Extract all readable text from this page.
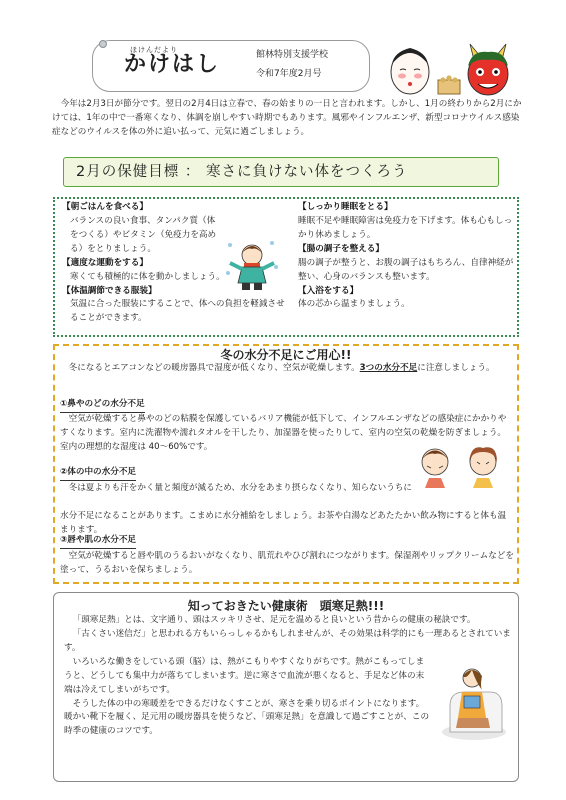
ほけんだより
かけはし	館林特別支援学校
令和7年度2月号
今年は2月3日が節分です。翌日の2月4日は立春で、春の始まりの一日と言われます。しかし、1月の終わりから2月にかけては、1年の中で一番寒くなり、体調を崩しやすい時期でもあります。風邪やインフルエンザ、新型コロナウイルス感染症などのウイルスを体の外に追い払って、元気に過ごしましょう。
2月の保健目標 ： 寒さに負けない体をつくろう
【朝ごはんを食べる】
バランスの良い食事、タンパク質（体をつくる）やビタミン（免疫力を高める）をとりましょう。
【適度な運動をする】
寒くても積極的に体を動かしましょう。
【体温調節できる服装】
気温に合った服装にすることで、体への負担を軽減させることができます。
【しっかり睡眠をとる】
睡眠不足や睡眠障害は免疫力を下げます。体も心もしっかり休めましょう。
【腸の調子を整える】
腸の調子が整うと、お腹の調子はもちろん、自律神経が整い、心身のバランスも整います。
【入浴をする】
体の芯から温まりましょう。
冬の水分不足にご用心!!
冬になるとエアコンなどの暖房器具で湿度が低くなり、空気が乾燥します。3つの水分不足に注意しましょう。
①鼻やのどの水分不足
空気が乾燥すると鼻やのどの粘膜を保護しているバリア機能が低下して、インフルエンザなどの感染症にかかりやすくなります。室内に洗濯物や濡れタオルを干したり、加湿器を使ったりして、室内の空気の乾燥を防ぎましょう。室内の理想的な湿度は 40～60%です。
②体の中の水分不足
冬は夏よりも汗をかく量と頻度が減るため、水分をあまり摂らなくなり、知らないうちに
水分不足になることがあります。こまめに水分補給をしましょう。お茶や白湯などあたたかい飲み物にすると体も温まります。
③唇や肌の水分不足
空気が乾燥すると唇や肌のうるおいがなくなり、肌荒れやひび割れにつながります。保湿剤やリップクリームなどを塗って、うるおいを保ちましょう。
知っておきたい健康術　頭寒足熱!!!

「頭寒足熱」とは、文字通り、頭はスッキリさせ、足元を温めると良いという昔からの健康の秘訣です。

「古くさい迷信だ」と思われる方もいらっしゃるかもしれませんが、その効果は科学的にも一理あるとされています。

いろいろな働きをしている頭（脳）は、熱がこもりやすくなりがちです。熱がこもってしまうと、どうしても集中力が落ちてしまいます。逆に寒さで血流が悪くなると、手足など体の末端は冷えてしまいがちです。

そうした体の中の寒暖差をできるだけなくすことが、寒さを乗り切るポイントになります。暖かい靴下を履く、足元用の暖房器具を使うなど、「頭寒足熱」を意識して過ごすことが、この時季の健康のコツです。
